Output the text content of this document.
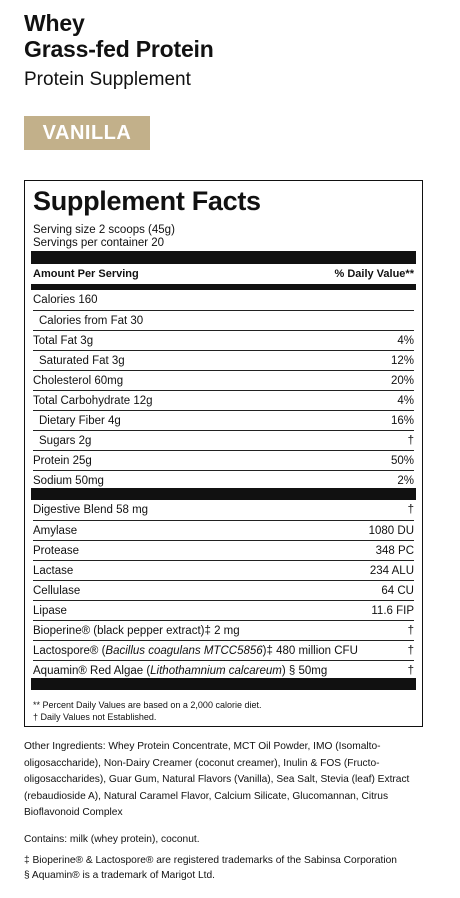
Whey
Grass-fed Protein
Protein Supplement
VANILLA
Supplement Facts
Serving size 2 scoops (45g)
Servings per container 20
Amount Per Serving	% Daily Value**
Calories 160
Calories from Fat 30
Total Fat 3g	4%
Saturated Fat 3g	12%
Cholesterol 60mg	20%
Total Carbohydrate 12g	4%
Dietary Fiber 4g	16%
Sugars 2g	†
Protein 25g	50%
Sodium 50mg	2%
Digestive Blend 58 mg	†
Amylase	1080 DU
Protease	348 PC
Lactase	234 ALU
Cellulase	64 CU
Lipase	11.6 FIP
Bioperine® (black pepper extract)‡ 2 mg	†
Lactospore® (Bacillus coagulans MTCC5856)‡ 480 million CFU	†
Aquamin® Red Algae (Lithothamnium calcareum) § 50mg	†
** Percent Daily Values are based on a 2,000 calorie diet.
† Daily Values not Established.
Other Ingredients: Whey Protein Concentrate, MCT Oil Powder, IMO (Isomalto-oligosaccharide), Non-Dairy Creamer (coconut creamer), Inulin & FOS (Fructo-oligosaccharides), Guar Gum, Natural Flavors (Vanilla), Sea Salt, Stevia (leaf) Extract (rebaudioside A), Natural Caramel Flavor, Calcium Silicate, Glucomannan, Citrus Bioflavonoid Complex
Contains: milk (whey protein), coconut.
‡ Bioperine® & Lactospore® are registered trademarks of the Sabinsa Corporation
§ Aquamin® is a trademark of Marigot Ltd.
